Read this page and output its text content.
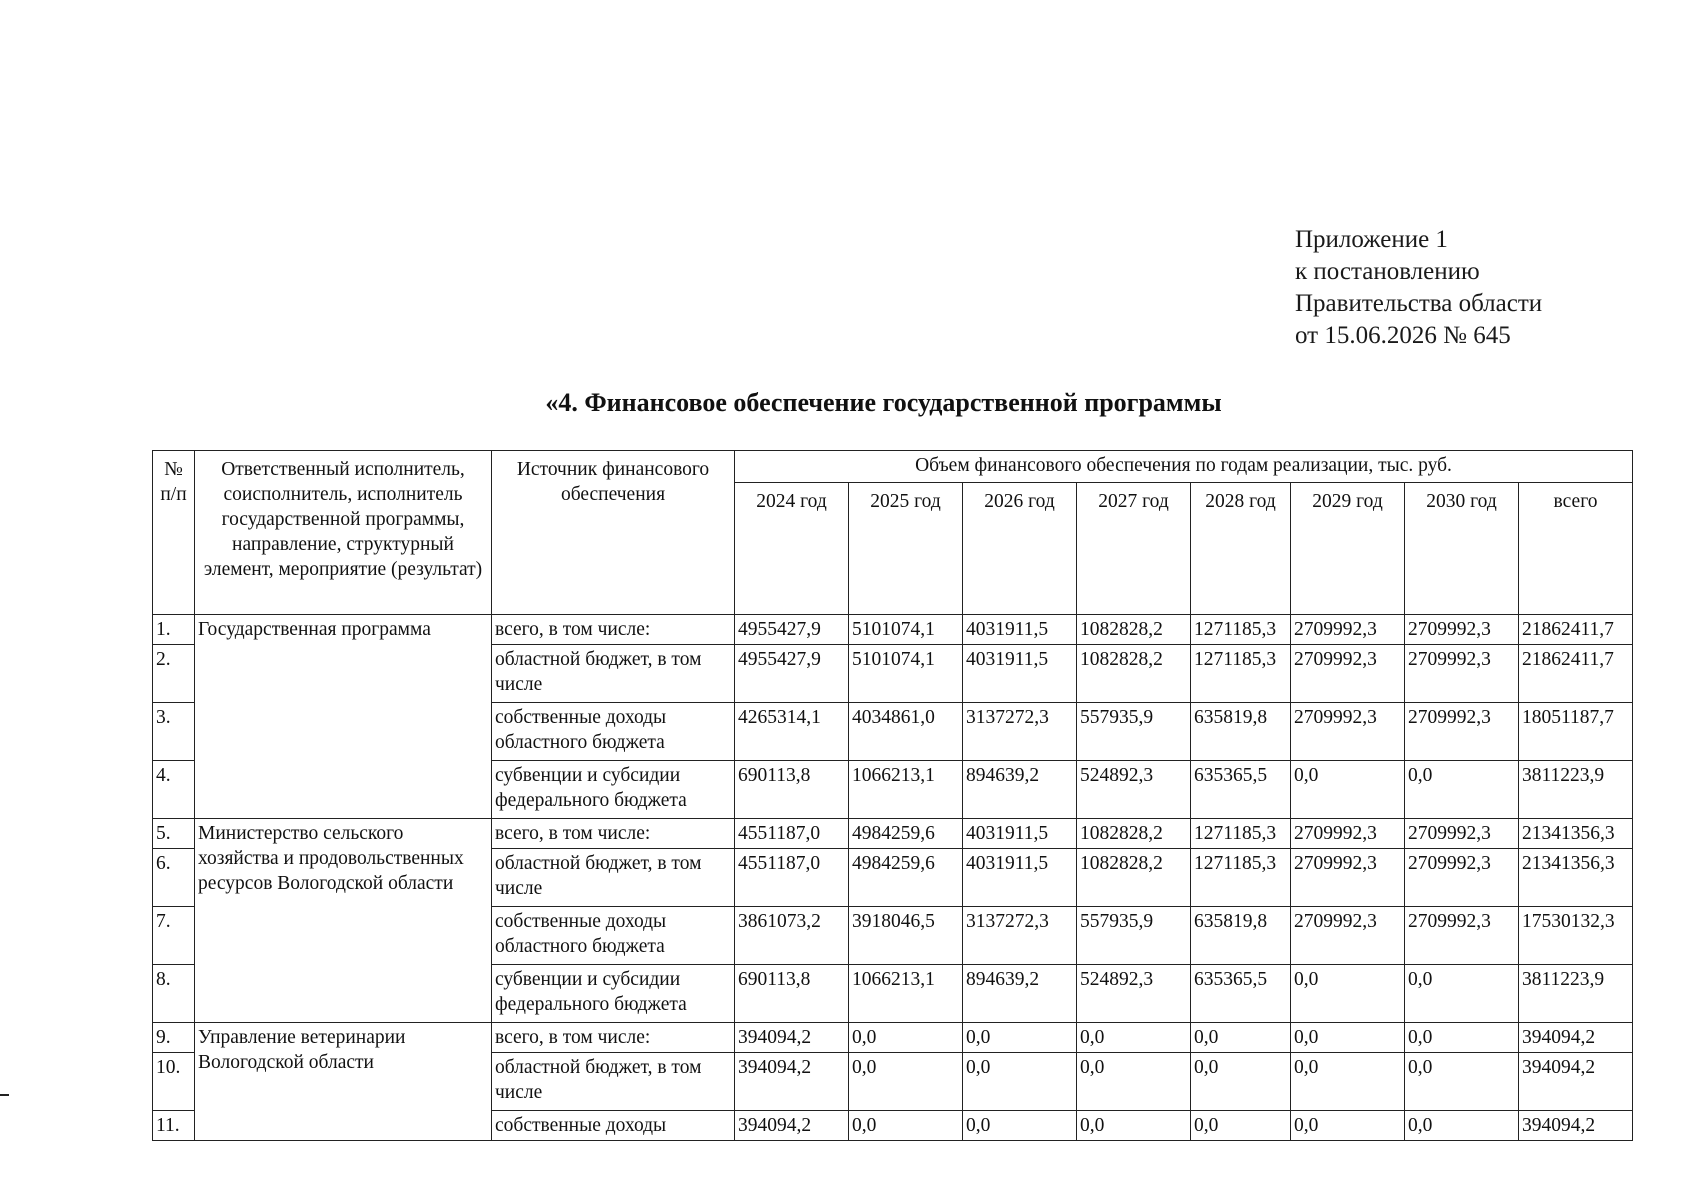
Приложение 1
к постановлению
Правительства области
от 15.06.2026 № 645
«4. Финансовое обеспечение государственной программы
№ п/п	Ответственный исполнитель, соисполнитель, исполнитель государственной программы, направление, структурный элемент, мероприятие (результат)	Источник финансового обеспечения	Объем финансового обеспечения по годам реализации, тыс. руб.							
			2024 год	2025 год	2026 год	2027 год	2028 год	2029 год	2030 год	всего
1.	Государственная программа	всего, в том числе:	4955427,9	5101074,1	4031911,5	1082828,2	1271185,3	2709992,3	2709992,3	21862411,7
2.		областной бюджет, в том числе	4955427,9	5101074,1	4031911,5	1082828,2	1271185,3	2709992,3	2709992,3	21862411,7
3.		собственные доходы областного бюджета	4265314,1	4034861,0	3137272,3	557935,9	635819,8	2709992,3	2709992,3	18051187,7
4.		субвенции и субсидии федерального бюджета	690113,8	1066213,1	894639,2	524892,3	635365,5	0,0	0,0	3811223,9
5.	Министерство сельского хозяйства и продовольственных ресурсов Вологодской области	всего, в том числе:	4551187,0	4984259,6	4031911,5	1082828,2	1271185,3	2709992,3	2709992,3	21341356,3
6.		областной бюджет, в том числе	4551187,0	4984259,6	4031911,5	1082828,2	1271185,3	2709992,3	2709992,3	21341356,3
7.		собственные доходы областного бюджета	3861073,2	3918046,5	3137272,3	557935,9	635819,8	2709992,3	2709992,3	17530132,3
8.		субвенции и субсидии федерального бюджета	690113,8	1066213,1	894639,2	524892,3	635365,5	0,0	0,0	3811223,9
9.	Управление ветеринарии Вологодской области	всего, в том числе:	394094,2	0,0	0,0	0,0	0,0	0,0	0,0	394094,2
10.		областной бюджет, в том числе	394094,2	0,0	0,0	0,0	0,0	0,0	0,0	394094,2
11.		собственные доходы	394094,2	0,0	0,0	0,0	0,0	0,0	0,0	394094,2
